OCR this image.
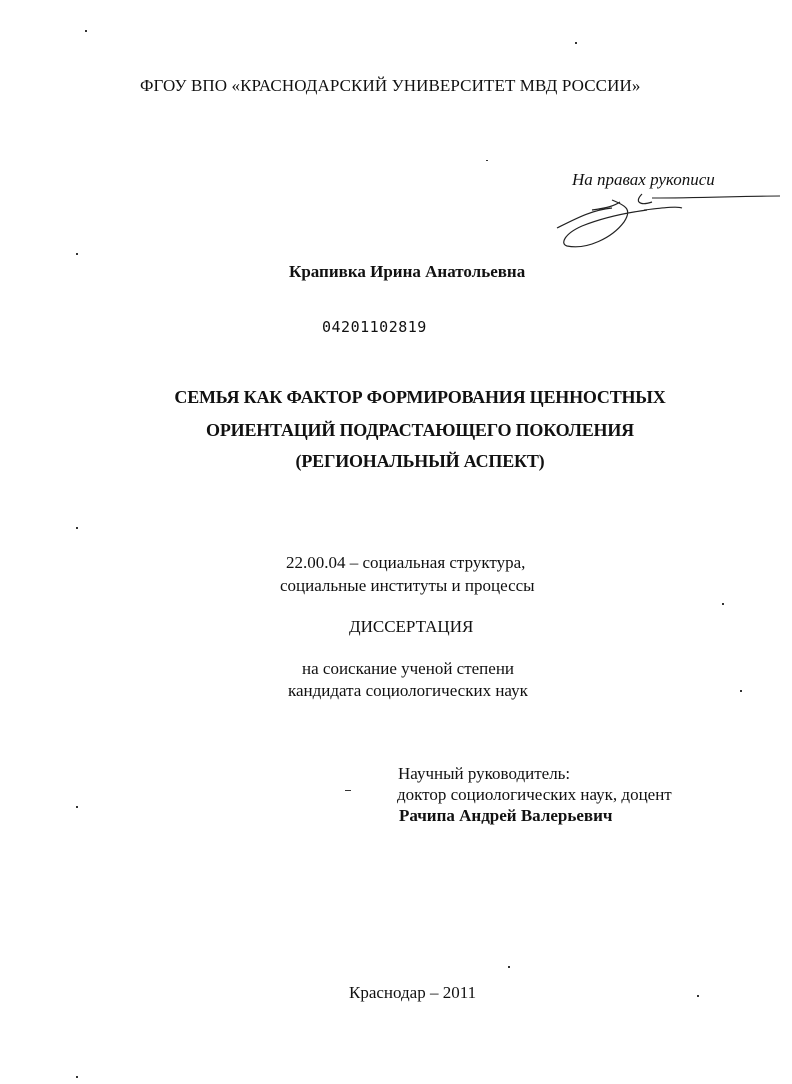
ФГОУ ВПО «КРАСНОДАРСКИЙ УНИВЕРСИТЕТ МВД РОССИИ»
На правах рукописи
Крапивка Ирина Анатольевна
04201102819
СЕМЬЯ КАК ФАКТОР ФОРМИРОВАНИЯ ЦЕННОСТНЫХ
ОРИЕНТАЦИЙ ПОДРАСТАЮЩЕГО ПОКОЛЕНИЯ
(РЕГИОНАЛЬНЫЙ АСПЕКТ)
22.00.04 – социальная структура,
социальные институты и процессы
ДИССЕРТАЦИЯ
на соискание ученой степени
кандидата социологических наук
Научный руководитель:
доктор социологических наук, доцент
Рачипа Андрей Валерьевич
Краснодар – 2011
